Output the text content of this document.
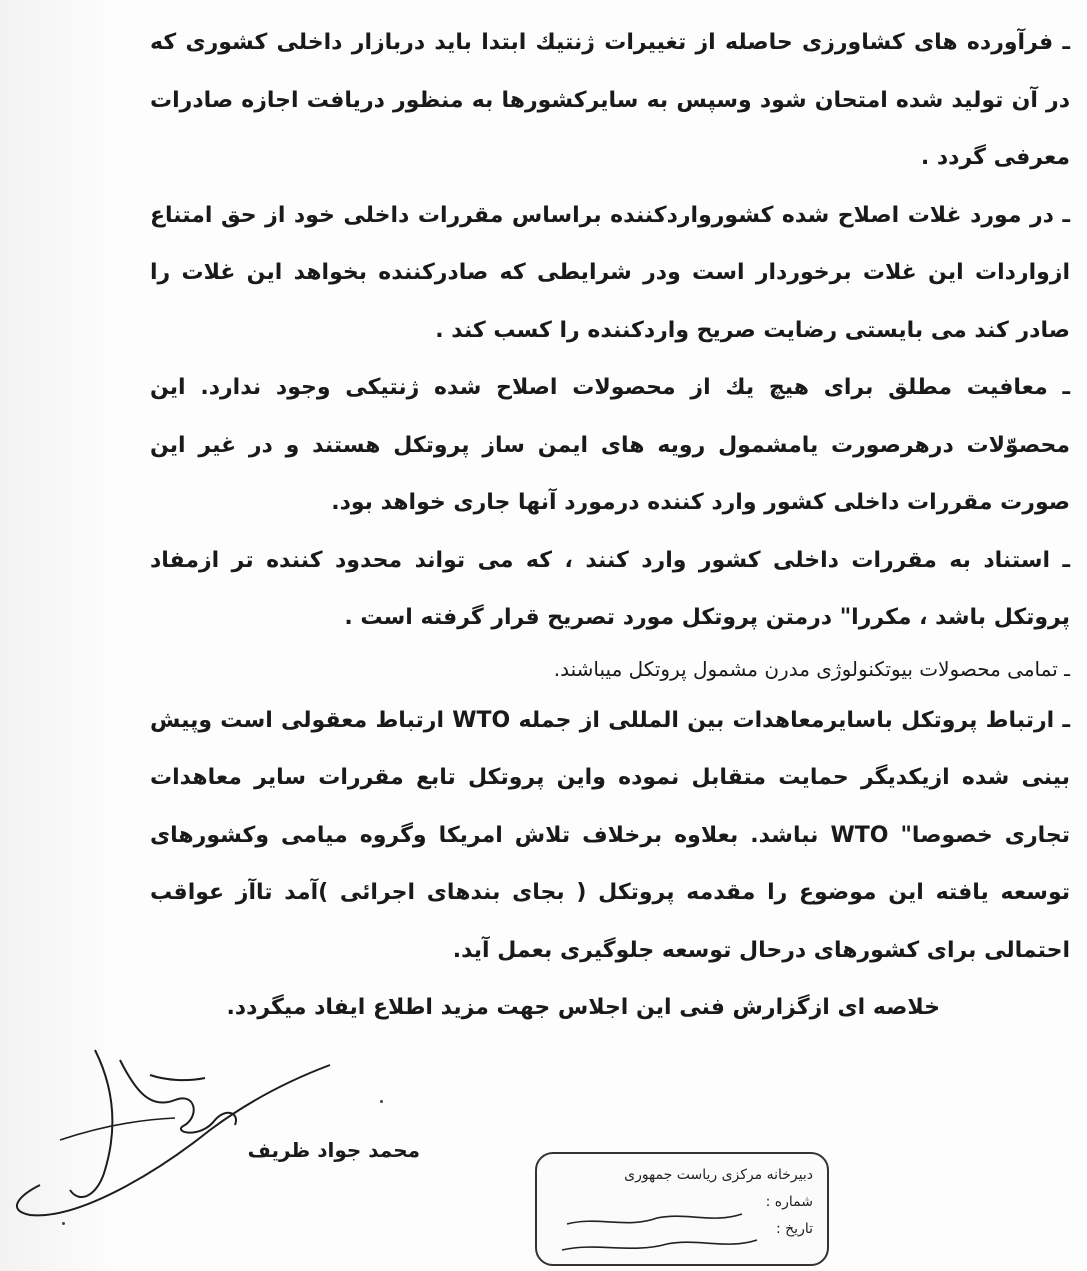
ـ فرآورده های کشاورزی حاصله از تغییرات ژنتیك ابتدا باید دربازار داخلی کشوری که در آن تولید شده امتحان شود وسپس به سایرکشورها به منظور دریافت اجازه صادرات معرفی گردد .

ـ در مورد غلات اصلاح شده کشورواردکننده براساس مقررات داخلی خود از حق امتناع ازواردات این غلات برخوردار است ودر شرایطی که صادرکننده بخواهد این غلات را صادر کند می بایستی رضایت صریح واردکننده را کسب کند .

ـ معافیت مطلق برای هیچ یك از محصولات اصلاح شده ژنتیکی وجود ندارد. این محصوّلات درهرصورت یامشمول رویه های ایمن ساز پروتکل هستند و در غیر این صورت مقررات داخلی کشور وارد کننده درمورد آنها جاری خواهد بود.

ـ استناد به مقررات داخلی کشور وارد کنند ، که می تواند محدود کننده تر ازمفاد پروتکل باشد ، مکررا" درمتن پروتکل مورد تصریح قرار گرفته است .

ـ تمامی محصولات بیوتکنولوژی مدرن مشمول پروتکل میباشند.

ـ ارتباط پروتکل باسایرمعاهدات بین المللی از جمله WTO ارتباط معقولی است وپیش بینی شده ازیکدیگر حمایت متقابل نموده واین پروتکل تابع مقررات سایر معاهدات تجاری خصوصا" WTO نباشد. بعلاوه برخلاف تلاش امریکا وگروه میامی وکشورهای توسعه یافته این موضوع را مقدمه پروتکل ( بجای بندهای اجرائی )آمد تاآز عواقب احتمالی برای کشورهای درحال توسعه جلوگیری بعمل آید.

خلاصه ای ازگزارش فنی این اجلاس جهت مزید اطلاع ایفاد میگردد.

محمد جواد ظریف
دبیرخانه مرکزی ریاست جمهوری
شماره :
تاریخ :
